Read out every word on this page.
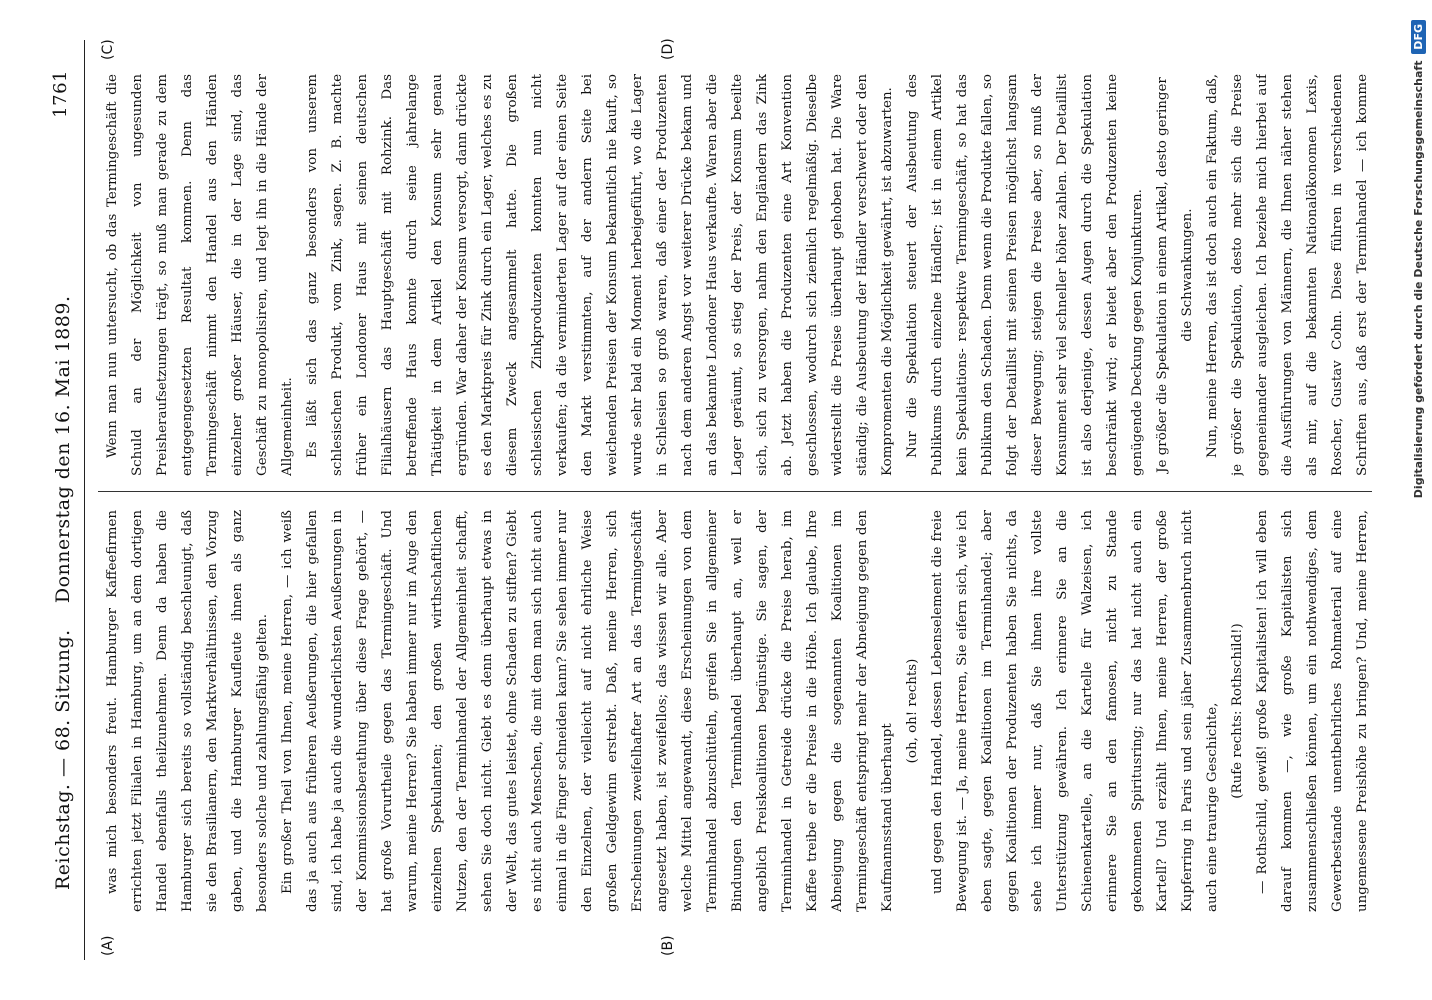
Reichstag. — 68. Sitzung.    Donnerstag den 16. Mai 1889.
1761
(A)	(B)
(C)	(D)

was mich besonders freut. Hamburger Kaffeefirmen errichten jetzt Filialen in Hamburg, um an dem dortigen Handel ebenfalls theilzunehmen. Denn da haben die Hamburger sich bereits so vollständig beschleunigt, daß sie den Brasilianern, den Marktverhältnissen, den Vorzug gaben, und die Hamburger Kaufleute ihnen als ganz besonders solche und zahlungsfähig gelten. Ein großer Theil von Ihnen, meine Herren, — ich weiß das ja auch aus früheren Aeußerungen, die hier gefallen sind, ich habe ja auch die wunderlichsten Aeußerungen in der Kommissionsberathung über diese Frage gehört, — hat große Vorurtheile gegen das Termingeschäft. Und warum, meine Herren? Sie haben immer nur im Auge den einzelnen Spekulanten; den großen wirthschaftlichen Nutzen, den der Terminhandel der Allgemeinheit schafft, sehen Sie doch nicht. Giebt es denn überhaupt etwas in der Welt, das gutes leistet, ohne Schaden zu stiften? Giebt es nicht auch Menschen, die mit dem man sich nicht auch einmal in die Finger schneiden kann? Sie sehen immer nur den Einzelnen, der vielleicht auf nicht ehrliche Weise großen Geldgewinn erstrebt. Daß, meine Herren, sich Erscheinungen zweifelhafter Art an das Termingeschäft angesetzt haben, ist zweifellos; das wissen wir alle. Aber welche Mittel angewandt, diese Erscheinungen von dem Terminhandel abzuschütteln, greifen Sie in allgemeiner Bindungen den Terminhandel überhaupt an, weil er angeblich Preiskoalitionen begünstige. Sie sagen, der Terminhandel in Getreide drücke die Preise herab, im Kaffee treibe er die Preise in die Höhe. Ich glaube, Ihre Abneigung gegen die sogenannten Koalitionen im Termingeschäft entspringt mehr der Abneigung gegen den Kaufmannsstand überhaupt

(oh, oh! rechts) und gegen den Handel, dessen Lebenselement die freie Bewegung ist. — Ja, meine Herren, Sie eifern sich, wie ich eben sagte, gegen Koalitionen im Terminhandel; aber gegen Koalitionen der Produzenten haben Sie nichts, da sehe ich immer nur, daß Sie ihnen ihre vollste Unterstützung gewähren. Ich erinnere Sie an die Schienenkartelle, an die Kartelle für Walzeisen, ich erinnere Sie an den famosen, nicht zu Stande gekommenen Spiritusring; nur das hat nicht auch ein Kartell? Und erzählt Ihnen, meine Herren, der große Kupferring in Paris und sein jäher Zusammenbruch nicht auch eine traurige Geschichte, (Rufe rechts: Rothschild!)

— Rothschild, gewiß! große Kapitalisten! ich will eben darauf kommen —, wie große Kapitalisten sich zusammenschließen können, um ein nothwendiges, dem Gewerbestande unentbehrliches Rohmaterial auf eine ungemessene Preishöhe zu bringen? Und, meine Herren,

Wenn man nun untersucht, ob das Termingeschäft die Schuld an der Möglichkeit von ungesunden Preisheraufsetzungen trägt, so muß man gerade zu dem entgegengesetzten Resultat kommen. Denn das Termingeschäft nimmt den Handel aus den Händen einzelner großer Häuser, die in der Lage sind, das Geschäft zu monopolisiren, und legt ihn in die Hände der Allgemeinheit. Es läßt sich das ganz besonders von unserem schlesischen Produkt, vom Zink, sagen. Z. B. machte früher ein Londoner Haus mit seinen deutschen Filialhäusern das Hauptgeschäft mit Rohzink. Das betreffende Haus konnte durch seine jahrelange Thätigkeit in dem Artikel den Konsum sehr genau ergründen. War daher der Konsum versorgt, dann drückte es den Marktpreis für Zink durch ein Lager, welches es zu diesem Zweck angesammelt hatte. Die großen schlesischen Zinkproduzenten konnten nun nicht verkaufen; da die verminderten Lager auf der einen Seite den Markt verstimmten, auf der andern Seite bei weichenden Preisen der Konsum bekanntlich nie kauft, so wurde sehr bald ein Moment herbeigeführt, wo die Lager in Schlesien so groß waren, daß einer der Produzenten nach dem anderen Angst vor weiterer Drücke bekam und an das bekannte Londoner Haus verkaufte. Waren aber die Lager geräumt, so stieg der Preis, der Konsum beeilte sich, sich zu versorgen, nahm den Engländern das Zink ab. Jetzt haben die Produzenten eine Art Konvention geschlossen, wodurch sich ziemlich regelmäßig. Dieselbe widerstellt die Preise überhaupt gehoben hat. Die Ware ständig; die Ausbeutung der Händler verschwert oder den Kompromenten die Möglichkeit gewährt, ist abzuwarten. Nur die Spekulation steuert der Ausbeutung des Publikums durch einzelne Händler; ist in einem Artikel kein Spekulations- respektive Termingeschäft, so hat das Publikum den Schaden. Denn wenn die Produkte fallen, so folgt der Detaillist mit seinen Preisen möglichst langsam dieser Bewegung; steigen die Preise aber, so muß der Konsument sehr viel schneller höher zahlen. Der Detaillist ist also derjenige, dessen Augen durch die Spekulation beschränkt wird; er bietet aber den Produzenten keine genügende Deckung gegen Konjunkturen. Je größer die Spekulation in einem Artikel, desto geringer die Schwankungen.

Nun, meine Herren, das ist doch auch ein Faktum, daß, je größer die Spekulation, desto mehr sich die Preise gegeneinander ausgleichen. Ich beziehe mich hierbei auf die Ausführungen von Männern, die Ihnen näher stehen als mir, auf die bekannten Nationalökonomen Lexis, Roscher, Gustav Cohn. Diese führen in verschiedenen Schriften aus, daß erst der Terminhandel — ich komme	Digitalisierung gefördert durch die Deutsche Forschungsgemeinschaft DFG
